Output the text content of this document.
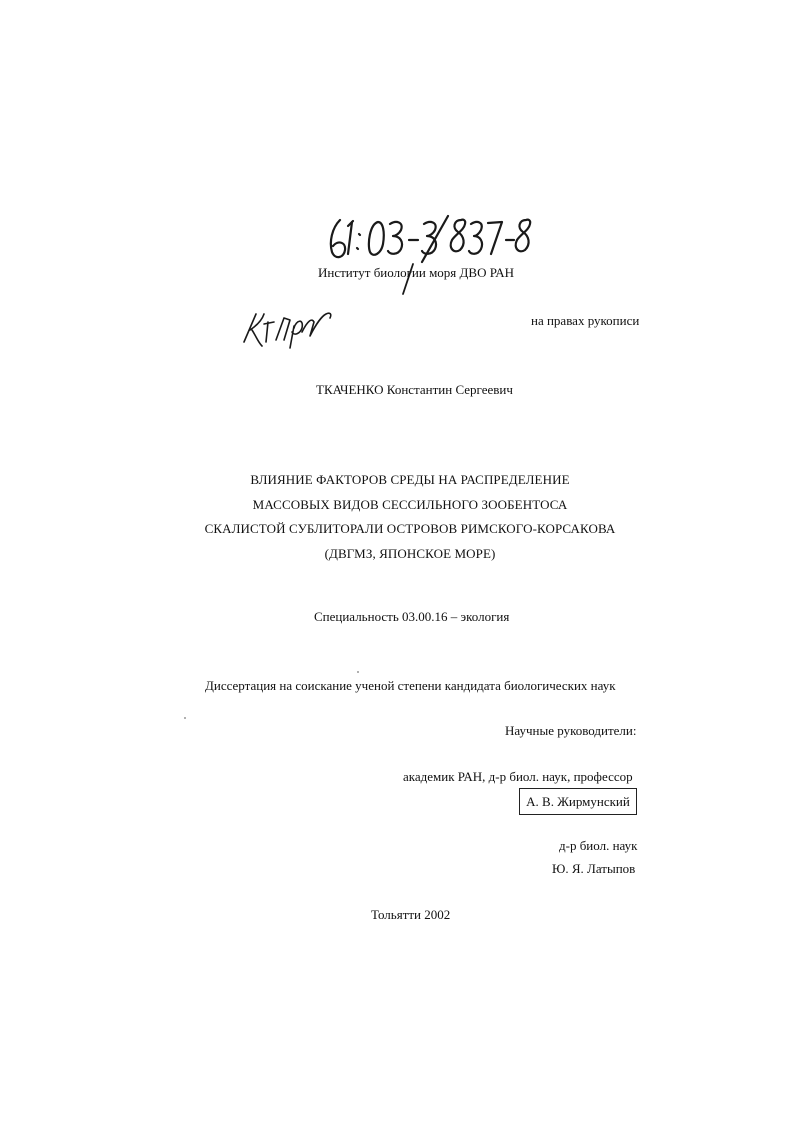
Институт биологии моря ДВО РАН
на правах рукописи
ТКАЧЕНКО Константин Сергеевич
ВЛИЯНИЕ ФАКТОРОВ СРЕДЫ НА РАСПРЕДЕЛЕНИЕ
МАССОВЫХ ВИДОВ СЕССИЛЬНОГО ЗООБЕНТОСА
СКАЛИСТОЙ СУБЛИТОРАЛИ ОСТРОВОВ РИМСКОГО-КОРСАКОВА
(ДВГМЗ, ЯПОНСКОЕ МОРЕ)
Специальность 03.00.16 – экология
Диссертация на соискание ученой степени кандидата биологических наук
Научные руководители:
академик РАН, д-р биол. наук, профессор
А. В. Жирмунский
д-р биол. наук
Ю. Я. Латыпов
Тольятти 2002
